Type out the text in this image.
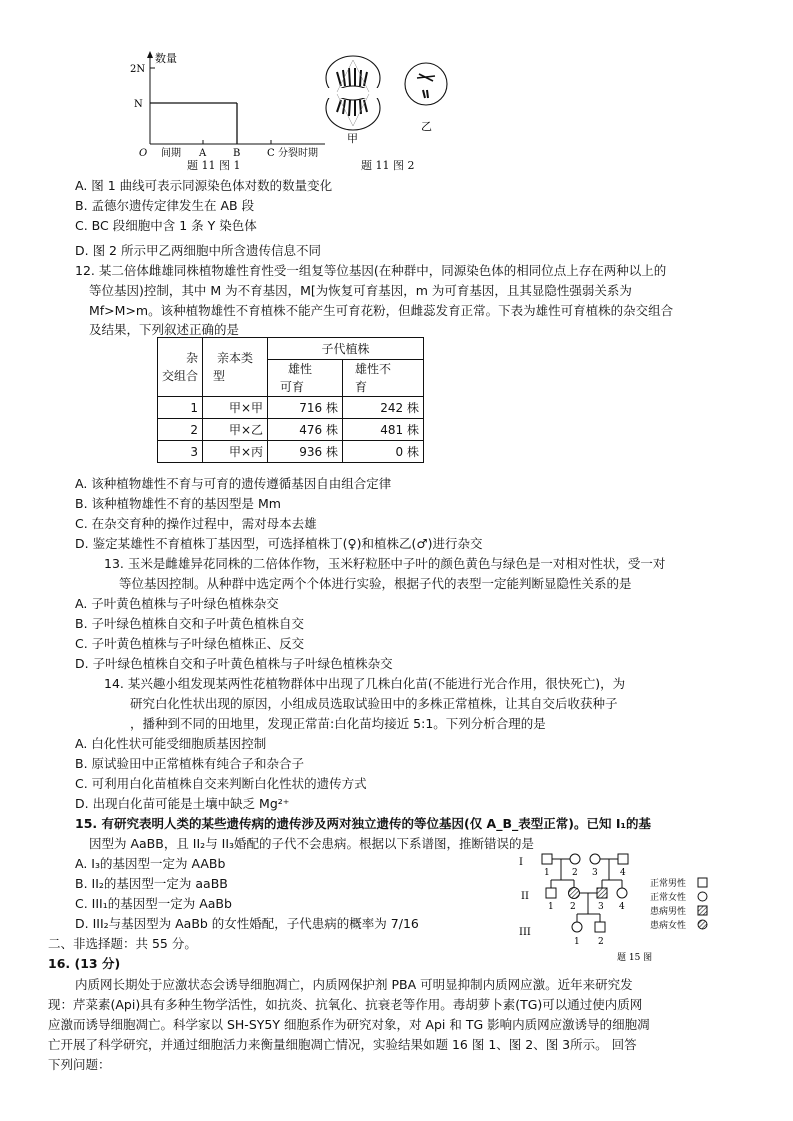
数量
2N
N
O 间期 A	B	C 分裂时期
题 11 图 1
甲
乙
题 11 图 2
A. 图 1 曲线可表示同源染色体对数的数量变化
B. 孟德尔遗传定律发生在 AB 段
C. BC 段细胞中含 1 条 Y 染色体
D. 图 2 所示甲乙两细胞中所含遗传信息不同
12. 某二倍体雌雄同株植物雄性育性受一组复等位基因(在种群中，同源染色体的相同位点上存在两种以上的
等位基因)控制，其中 M 为不育基因，M[为恢复可育基因，m 为可育基因，且其显隐性强弱关系为
Mf>M>m。该种植物雄性不育植株不能产生可育花粉，但雌蕊发育正常。下表为雄性可育植株的杂交组合
及结果，下列叙述正确的是
杂
交组合	亲本类
型	子代植株	

		雄性
可育	雄性不
育

1	甲×甲	716 株	242 株
2	甲×乙	476 株	481 株
3	甲×丙	936 株	0 株
A. 该种植物雄性不育与可育的遗传遵循基因自由组合定律
B. 该种植物雄性不育的基因型是 Mm
C. 在杂交育种的操作过程中，需对母本去雄
D. 鉴定某雄性不育植株丁基因型，可选择植株丁(♀)和植株乙(♂)进行杂交
13. 玉米是雌雄异花同株的二倍体作物，玉米籽粒胚中子叶的颜色黄色与绿色是一对相对性状，受一对
等位基因控制。从种群中选定两个个体进行实验，根据子代的表型一定能判断显隐性关系的是
A. 子叶黄色植株与子叶绿色植株杂交
B. 子叶绿色植株自交和子叶黄色植株自交
C. 子叶黄色植株与子叶绿色植株正、反交
D. 子叶绿色植株自交和子叶黄色植株与子叶绿色植株杂交
14. 某兴趣小组发现某两性花植物群体中出现了几株白化苗(不能进行光合作用，很快死亡)，为
研究白化性状出现的原因，小组成员选取试验田中的多株正常植株，让其自交后收获种子
，播种到不同的田地里，发现正常苗:白化苗均接近 5:1。下列分析合理的是
A. 白化性状可能受细胞质基因控制
B. 原试验田中正常植株有纯合子和杂合子
C. 可利用白化苗植株自交来判断白化性状的遗传方式
D. 出现白化苗可能是土壤中缺乏 Mg²⁺
15. 有研究表明人类的某些遗传病的遗传涉及两对独立遗传的等位基因(仅 A_B_表型正常)。已知 I₁的基
因型为 AaBB，且 II₂与 II₃婚配的子代不会患病。根据以下系谱图，推断错误的是
A. I₃的基因型一定为 AABb
B. II₂的基因型一定为 aaBB
C. III₁的基因型一定为 AaBb
D. III₂与基因型为 AaBb 的女性婚配，子代患病的概率为 7/16
I
II
III
1 2 3 4
1 2 3 4
1 2
正常男性
正常女性
患病男性
患病女性
题 15 图
二、非选择题：共 55 分。
16. (13 分)
内质网长期处于应激状态会诱导细胞凋亡，内质网保护剂 PBA 可明显抑制内质网应激。近年来研究发
现：芹菜素(Api)具有多种生物学活性，如抗炎、抗氧化、抗衰老等作用。毒胡萝卜素(TG)可以通过使内质网
应激而诱导细胞凋亡。科学家以 SH-SY5Y 细胞系作为研究对象，对 Api 和 TG 影响内质网应激诱导的细胞凋
亡开展了科学研究，并通过细胞活力来衡量细胞凋亡情况，实验结果如题 16 图 1、图 2、图 3所示。 回答
下列问题：
